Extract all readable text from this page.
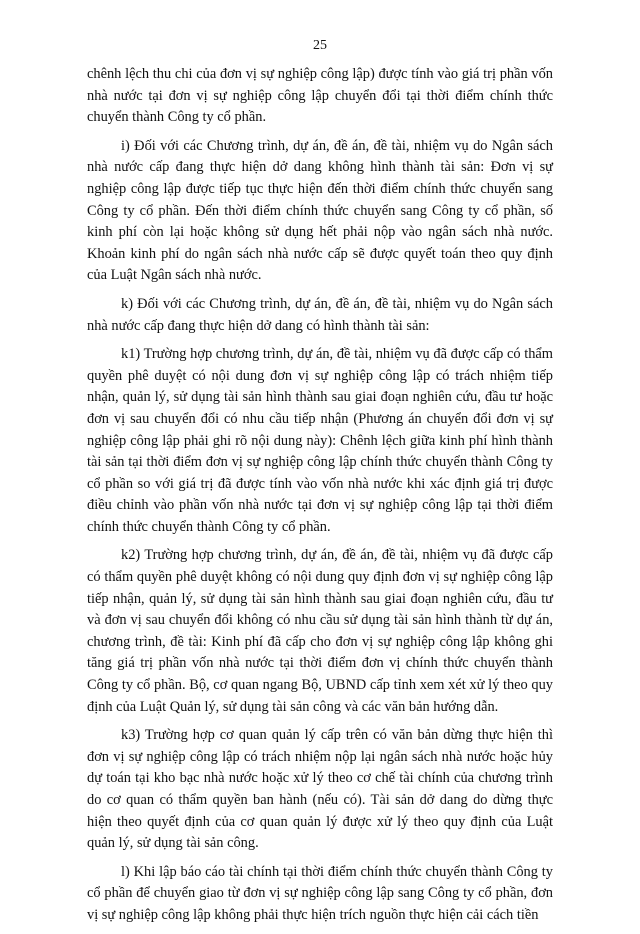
25

chênh lệch thu chi của đơn vị sự nghiệp công lập) được tính vào giá trị phần vốn nhà nước tại đơn vị sự nghiệp công lập chuyển đổi tại thời điểm chính thức chuyển thành Công ty cổ phần.

i) Đối với các Chương trình, dự án, đề án, đề tài, nhiệm vụ do Ngân sách nhà nước cấp đang thực hiện dở dang không hình thành tài sản: Đơn vị sự nghiệp công lập được tiếp tục thực hiện đến thời điểm chính thức chuyển sang Công ty cổ phần. Đến thời điểm chính thức chuyển sang Công ty cổ phần, số kinh phí còn lại hoặc không sử dụng hết phải nộp vào ngân sách nhà nước. Khoản kinh phí do ngân sách nhà nước cấp sẽ được quyết toán theo quy định của Luật Ngân sách nhà nước.

k) Đối với các Chương trình, dự án, đề án, đề tài, nhiệm vụ do Ngân sách nhà nước cấp đang thực hiện dở dang có hình thành tài sản:

k1) Trường hợp chương trình, dự án, đề tài, nhiệm vụ đã được cấp có thẩm quyền phê duyệt có nội dung đơn vị sự nghiệp công lập có trách nhiệm tiếp nhận, quản lý, sử dụng tài sản hình thành sau giai đoạn nghiên cứu, đầu tư hoặc đơn vị sau chuyển đổi có nhu cầu tiếp nhận (Phương án chuyển đổi đơn vị sự nghiệp công lập phải ghi rõ nội dung này): Chênh lệch giữa kinh phí hình thành tài sản tại thời điểm đơn vị sự nghiệp công lập chính thức chuyển thành Công ty cổ phần so với giá trị đã được tính vào vốn nhà nước khi xác định giá trị được điều chỉnh vào phần vốn nhà nước tại đơn vị sự nghiệp công lập tại thời điểm chính thức chuyển thành Công ty cổ phần.

k2) Trường hợp chương trình, dự án, đề án, đề tài, nhiệm vụ đã được cấp có thẩm quyền phê duyệt không có nội dung quy định đơn vị sự nghiệp công lập tiếp nhận, quản lý, sử dụng tài sản hình thành sau giai đoạn nghiên cứu, đầu tư và đơn vị sau chuyển đổi không có nhu cầu sử dụng tài sản hình thành từ dự án, chương trình, đề tài: Kinh phí đã cấp cho đơn vị sự nghiệp công lập không ghi tăng giá trị phần vốn nhà nước tại thời điểm đơn vị chính thức chuyển thành Công ty cổ phần. Bộ, cơ quan ngang Bộ, UBND cấp tỉnh xem xét xử lý theo quy định của Luật Quản lý, sử dụng tài sản công và các văn bản hướng dẫn.

k3) Trường hợp cơ quan quản lý cấp trên có văn bản dừng thực hiện thì đơn vị sự nghiệp công lập có trách nhiệm nộp lại ngân sách nhà nước hoặc hủy dự toán tại kho bạc nhà nước hoặc xử lý theo cơ chế tài chính của chương trình do cơ quan có thẩm quyền ban hành (nếu có). Tài sản dở dang do dừng thực hiện theo quyết định của cơ quan quản lý được xử lý theo quy định của Luật quản lý, sử dụng tài sản công.

l) Khi lập báo cáo tài chính tại thời điểm chính thức chuyển thành Công ty cổ phần để chuyển giao từ đơn vị sự nghiệp công lập sang Công ty cổ phần, đơn vị sự nghiệp công lập không phải thực hiện trích nguồn thực hiện cải cách tiền
